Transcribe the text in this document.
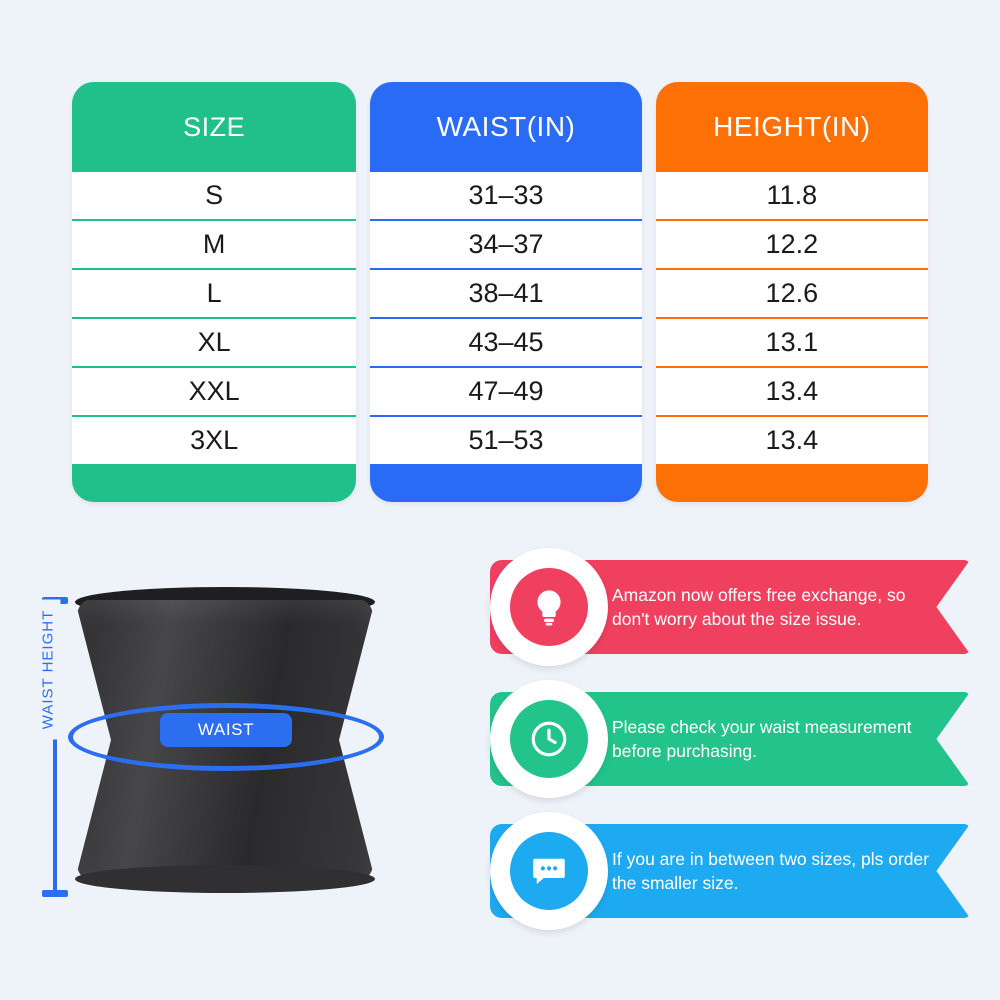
SIZE
S
M
L
XL
XXL
3XL
WAIST(IN)
31–33
34–37
38–41
43–45
47–49
51–53
HEIGHT(IN)
11.8
12.2
12.6
13.1
13.4
13.4
WAIST HEIGHT
WAIST
Amazon now offers free exchange, so don't worry about the size issue.
Please check your waist measurement before purchasing.
If you are in between two sizes, pls order the smaller size.
